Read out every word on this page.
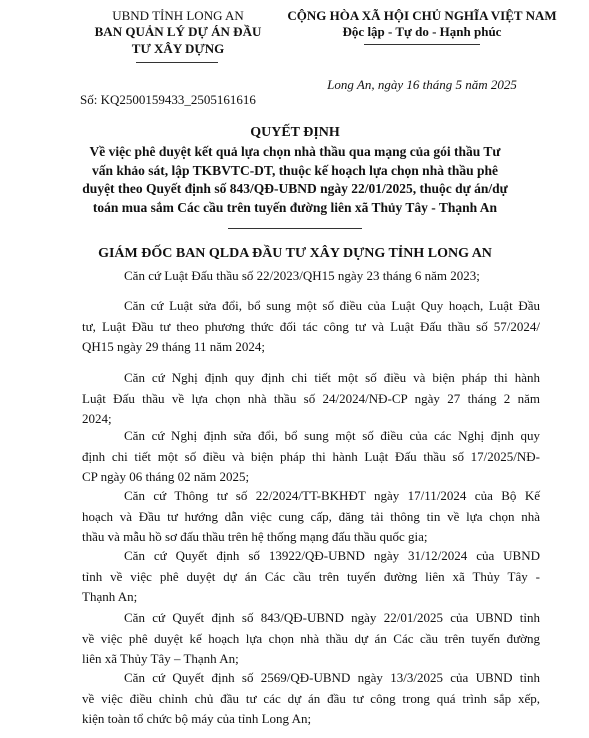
UBND TỈNH LONG AN
BAN QUẢN LÝ DỰ ÁN ĐẦU
TƯ XÂY DỰNG
Số: KQ2500159433_2505161616
CỘNG HÒA XÃ HỘI CHỦ NGHĨA VIỆT NAM
Độc lập - Tự do - Hạnh phúc
Long An, ngày 16 tháng 5 năm 2025
QUYẾT ĐỊNH
Về việc phê duyệt kết quả lựa chọn nhà thầu qua mạng của gói thầu Tư
vấn khảo sát, lập TKBVTC-DT, thuộc kế hoạch lựa chọn nhà thầu phê
duyệt theo Quyết định số 843/QĐ-UBND ngày 22/01/2025, thuộc dự án/dự
toán mua sắm Các cầu trên tuyến đường liên xã Thủy Tây - Thạnh An
GIÁM ĐỐC BAN QLDA ĐẦU TƯ XÂY DỰNG TỈNH LONG AN
Căn cứ Luật Đấu thầu số 22/2023/QH15 ngày 23 tháng 6 năm 2023;
Căn cứ Luật sửa đổi, bổ sung một số điều của Luật Quy hoạch, Luật Đầu
tư, Luật Đầu tư theo phương thức đối tác công tư và Luật Đấu thầu số 57/2024/
QH15 ngày 29 tháng 11 năm 2024;
Căn cứ Nghị định quy định chi tiết một số điều và biện pháp thi hành
Luật Đấu thầu về lựa chọn nhà thầu số 24/2024/NĐ-CP ngày 27 tháng 2 năm
2024;
Căn cứ Nghị định sửa đổi, bổ sung một số điều của các Nghị định quy
định chi tiết một số điều và biện pháp thi hành Luật Đấu thầu số 17/2025/NĐ-
CP ngày 06 tháng 02 năm 2025;
Căn cứ Thông tư số 22/2024/TT-BKHĐT ngày 17/11/2024 của Bộ Kế
hoạch và Đầu tư hướng dẫn việc cung cấp, đăng tải thông tin về lựa chọn nhà
thầu và mẫu hồ sơ đấu thầu trên hệ thống mạng đấu thầu quốc gia;
Căn cứ Quyết định số 13922/QĐ-UBND ngày 31/12/2024 của UBND
tỉnh về việc phê duyệt dự án Các cầu trên tuyến đường liên xã Thủy Tây -
Thạnh An;
Căn cứ Quyết định số 843/QĐ-UBND ngày 22/01/2025 của UBND tỉnh
về việc phê duyệt kế hoạch lựa chọn nhà thầu dự án Các cầu trên tuyến đường
liên xã Thủy Tây – Thạnh An;
Căn cứ Quyết định số 2569/QĐ-UBND ngày 13/3/2025 của UBND tỉnh
về việc điều chỉnh chủ đầu tư các dự án đầu tư công trong quá trình sắp xếp,
kiện toàn tổ chức bộ máy của tỉnh Long An;
